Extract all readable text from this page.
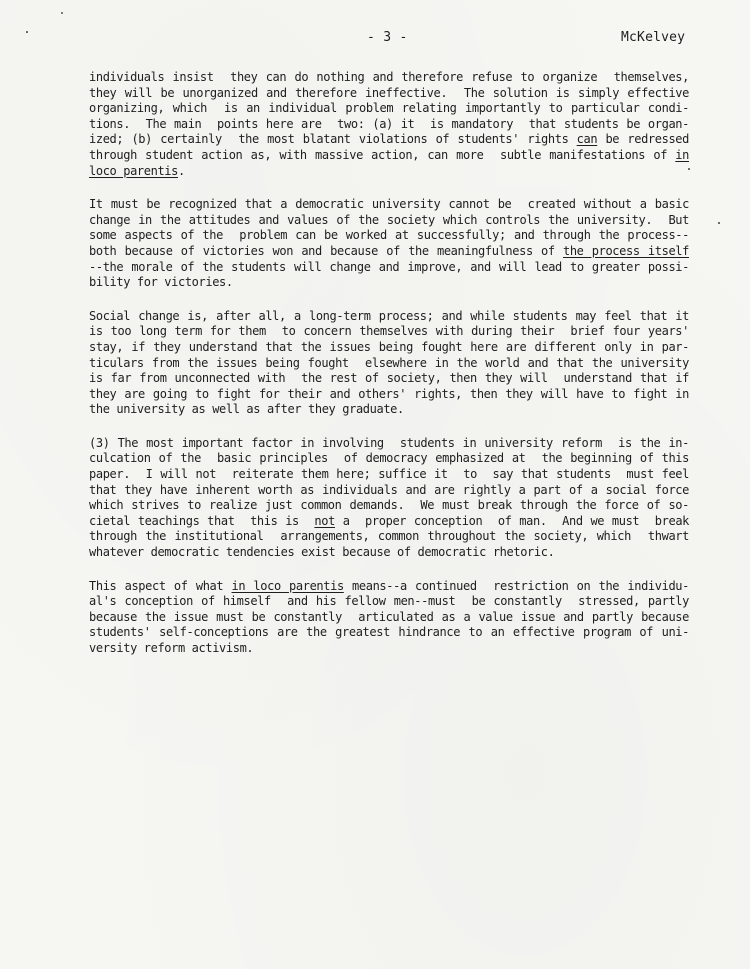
- 3 -	McKelvey
individuals insist  they can do nothing and therefore refuse to organize  themselves,
they will be unorganized and therefore ineffective.  The solution is simply effective
organizing, which  is an individual problem relating importantly to particular condi-
tions.  The main  points here are  two: (a) it  is mandatory  that students be organ-
ized; (b) certainly  the most blatant violations of students' rights can be redressed
through student action as, with massive action, can more  subtle manifestations of in
loco parentis.
It must be recognized that a democratic university cannot be  created without a basic
change in the attitudes and values of the society which controls the university.  But
some aspects of the  problem can be worked at successfully; and through the process--
both because of victories won and because of the meaningfulness of the process itself
--the morale of the students will change and improve, and will lead to greater possi-
bility for victories.
Social change is, after all, a long-term process; and while students may feel that it
is too long term for them  to concern themselves with during their  brief four years'
stay, if they understand that the issues being fought here are different only in par-
ticulars from the issues being fought  elsewhere in the world and that the university
is far from unconnected with  the rest of society, then they will  understand that if
they are going to fight for their and others' rights, then they will have to fight in
the university as well as after they graduate.
(3) The most important factor in involving  students in university reform  is the in-
culcation of the  basic principles  of democracy emphasized at  the beginning of this
paper.  I will not  reiterate them here; suffice it  to  say that students  must feel
that they have inherent worth as individuals and are rightly a part of a social force
which strives to realize just common demands.  We must break through the force of so-
cietal teachings that  this is  not a  proper conception  of man.  And we must  break
through the institutional  arrangements, common throughout the society, which  thwart
whatever democratic tendencies exist because of democratic rhetoric.
This aspect of what in loco parentis means--a continued  restriction on the individu-
al's conception of himself  and his fellow men--must  be constantly  stressed, partly
because the issue must be constantly  articulated as a value issue and partly because
students' self-conceptions are the greatest hindrance to an effective program of uni-
versity reform activism.
